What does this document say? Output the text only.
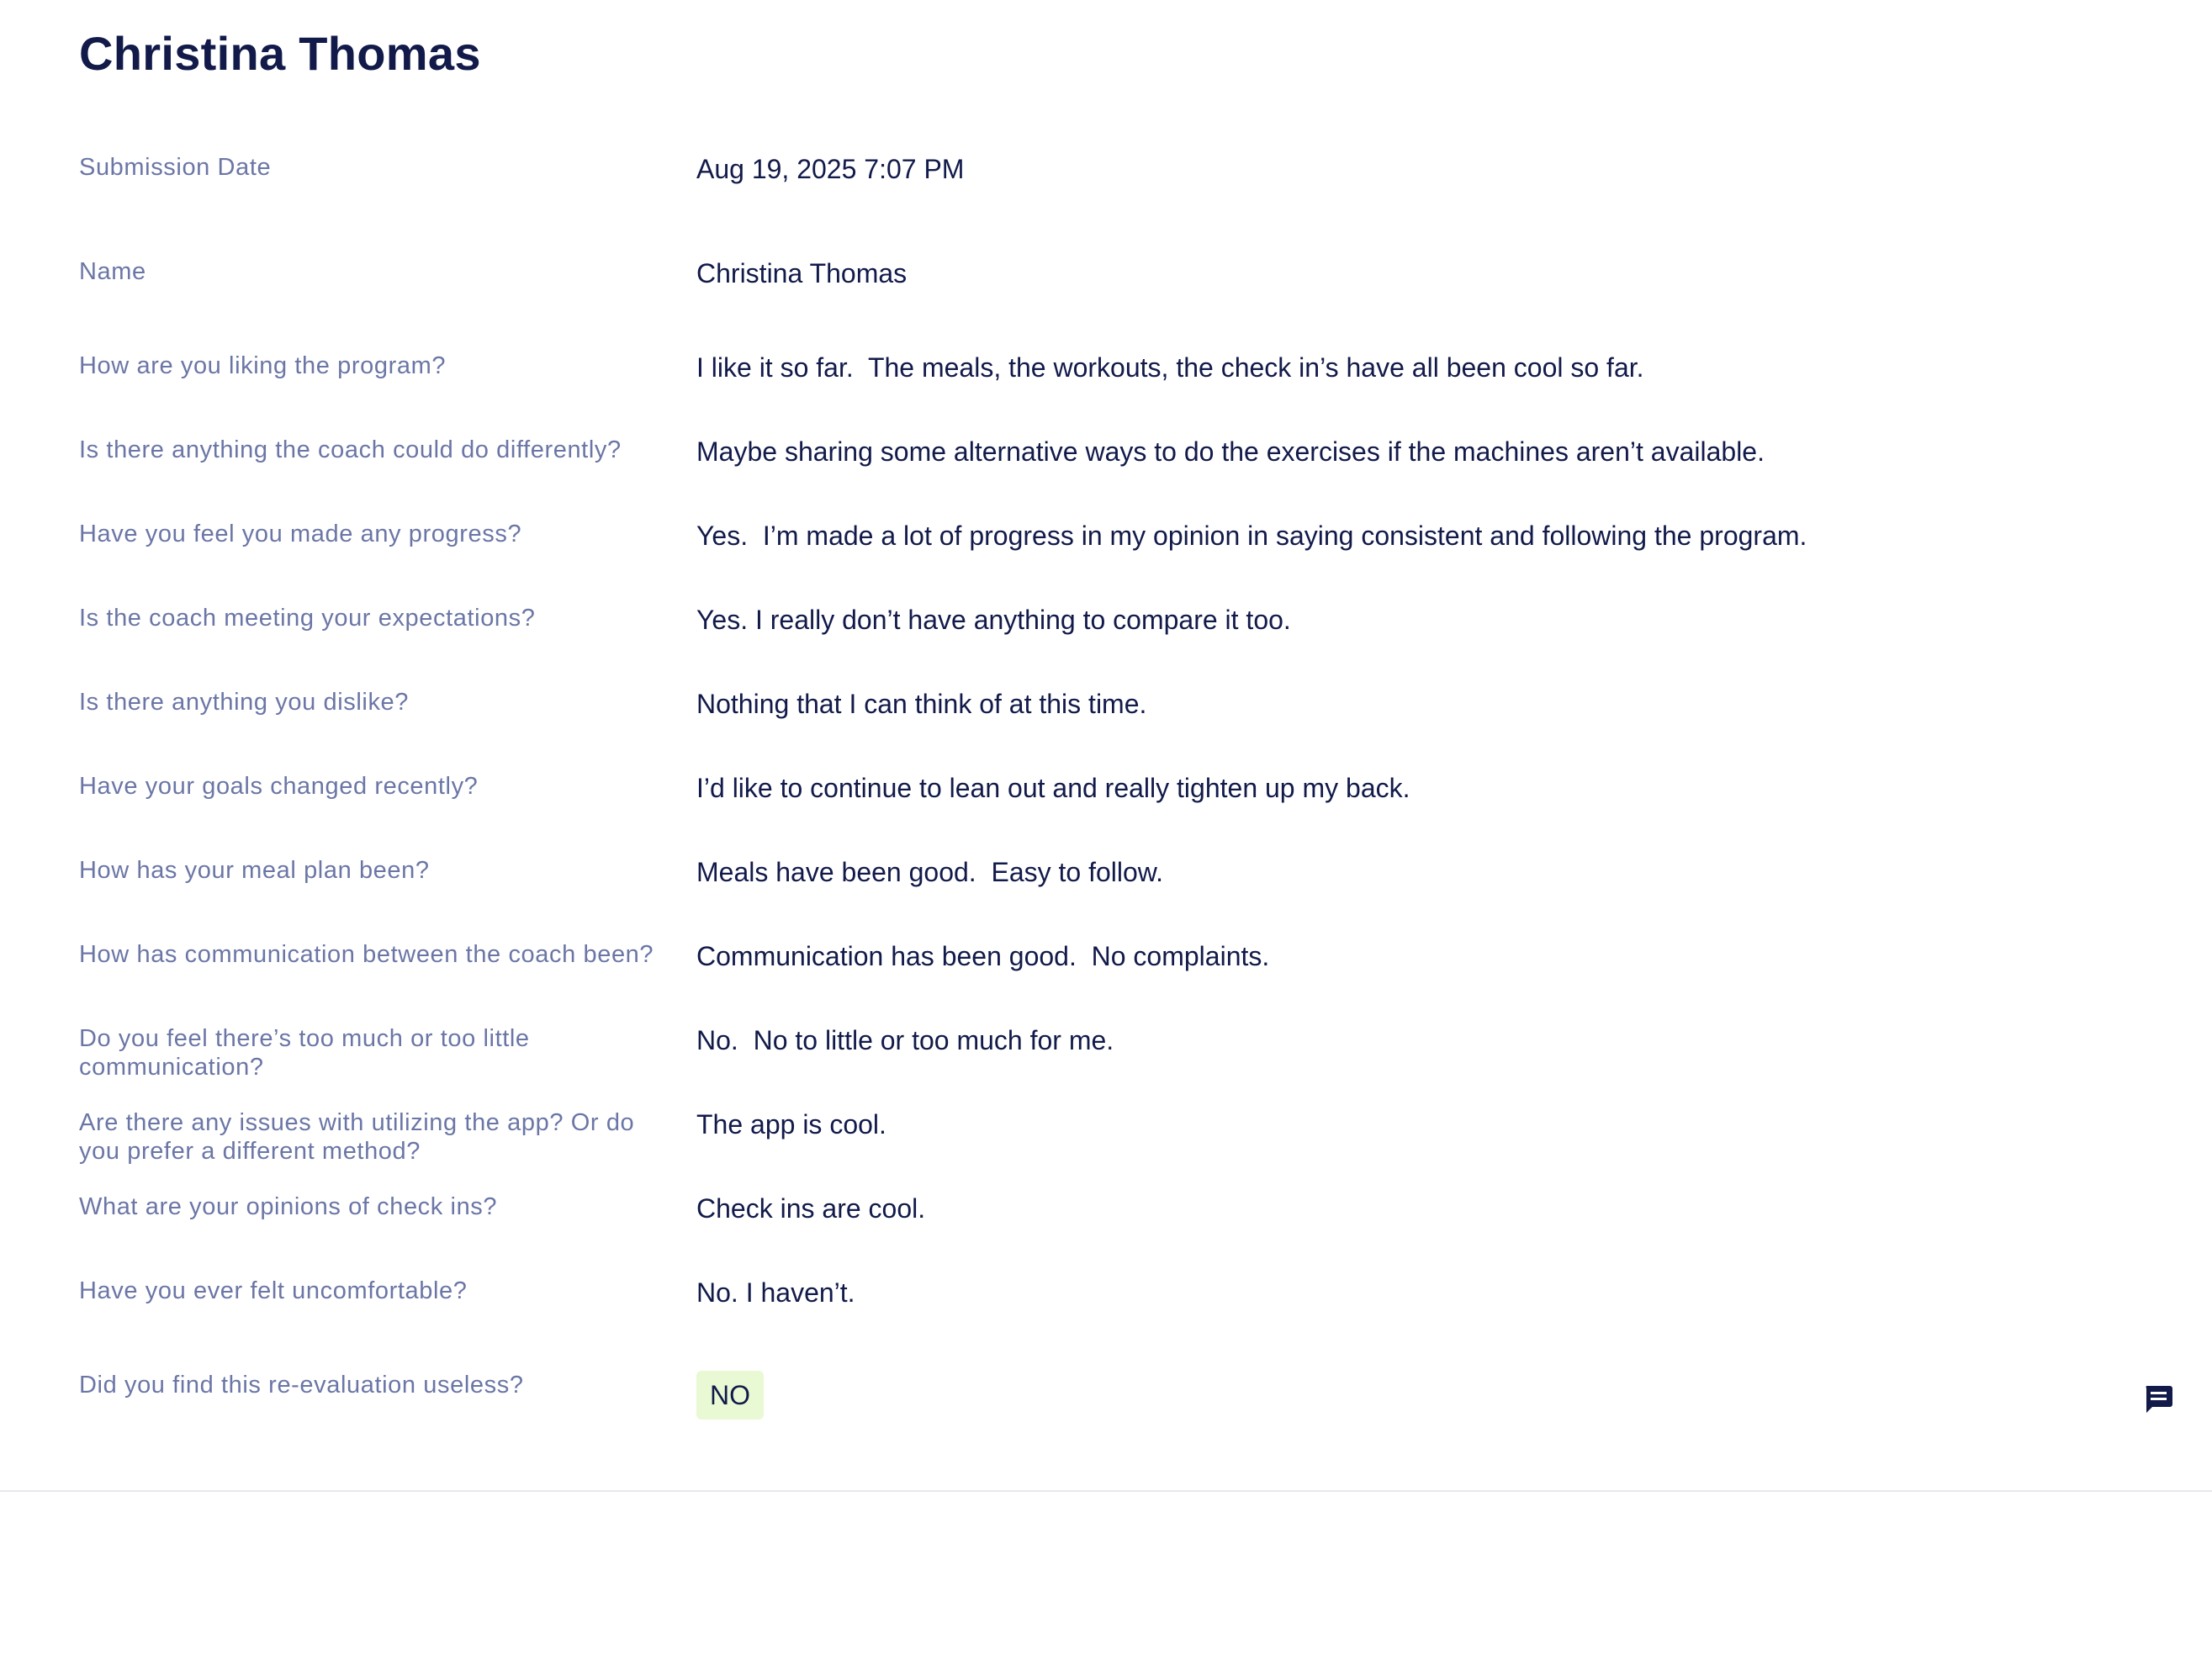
Christina Thomas
Submission Date	Aug 19, 2025 7:07 PM
Name	Christina Thomas
How are you liking the program?	I like it so far.  The meals, the workouts, the check in’s have all been cool so far.
Is there anything the coach could do differently?	Maybe sharing some alternative ways to do the exercises if the machines aren’t available.
Have you feel you made any progress?	Yes.  I’m made a lot of progress in my opinion in saying consistent and following the program.
Is the coach meeting your expectations?	Yes. I really don’t have anything to compare it too.
Is there anything you dislike?	Nothing that I can think of at this time.
Have your goals changed recently?	I’d like to continue to lean out and really tighten up my back.
How has your meal plan been?	Meals have been good.  Easy to follow.
How has communication between the coach been?	Communication has been good.  No complaints.
Do you feel there’s too much or too little communication?
No.  No to little or too much for me.
Are there any issues with utilizing the app? Or do you prefer a different method?
The app is cool.
What are your opinions of check ins?	Check ins are cool.
Have you ever felt uncomfortable?	No. I haven’t.
Did you find this re-evaluation useless?	NO
